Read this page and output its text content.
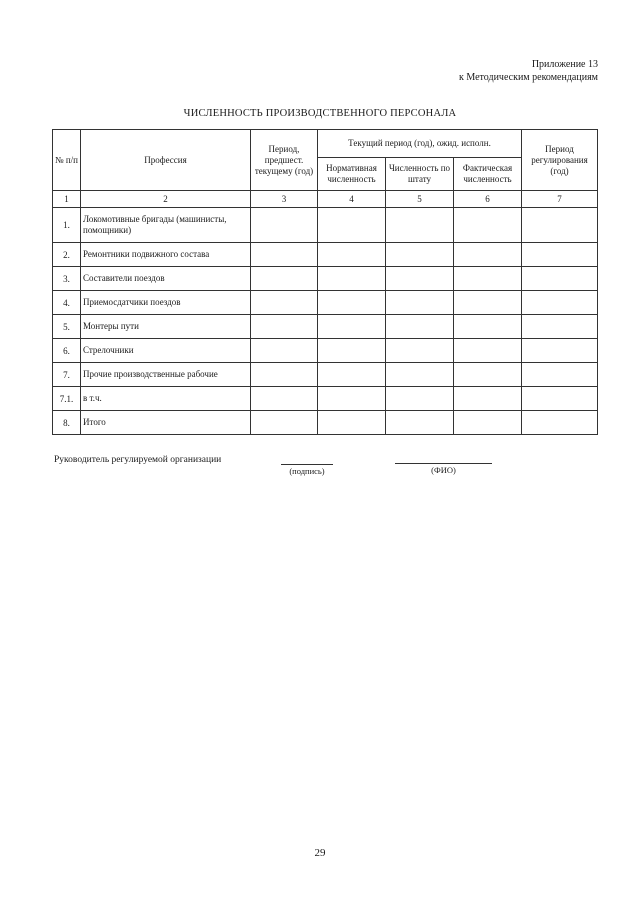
Приложение 13
к Методическим рекомендациям
ЧИСЛЕННОСТЬ ПРОИЗВОДСТВЕННОГО ПЕРСОНАЛА
№ п/п	Профессия	Период, предшест. текущему (год)	Текущий период (год), ожид. исполн.			Период регулирования (год)
			Нормативная численность	Численность по штату	Фактическая численность	
1	2	3	4	5	6	7
1.	Локомотивные бригады (машинисты, помощники)					
2.	Ремонтники подвижного состава					
3.	Составители поездов					
4.	Приемосдатчики поездов					
5.	Монтеры пути					
6.	Стрелочники					
7.	Прочие производственные рабочие					
7.1.	в т.ч.					
8.	Итого					
Руководитель регулируемой организации
(подпись)	(ФИО)
29
